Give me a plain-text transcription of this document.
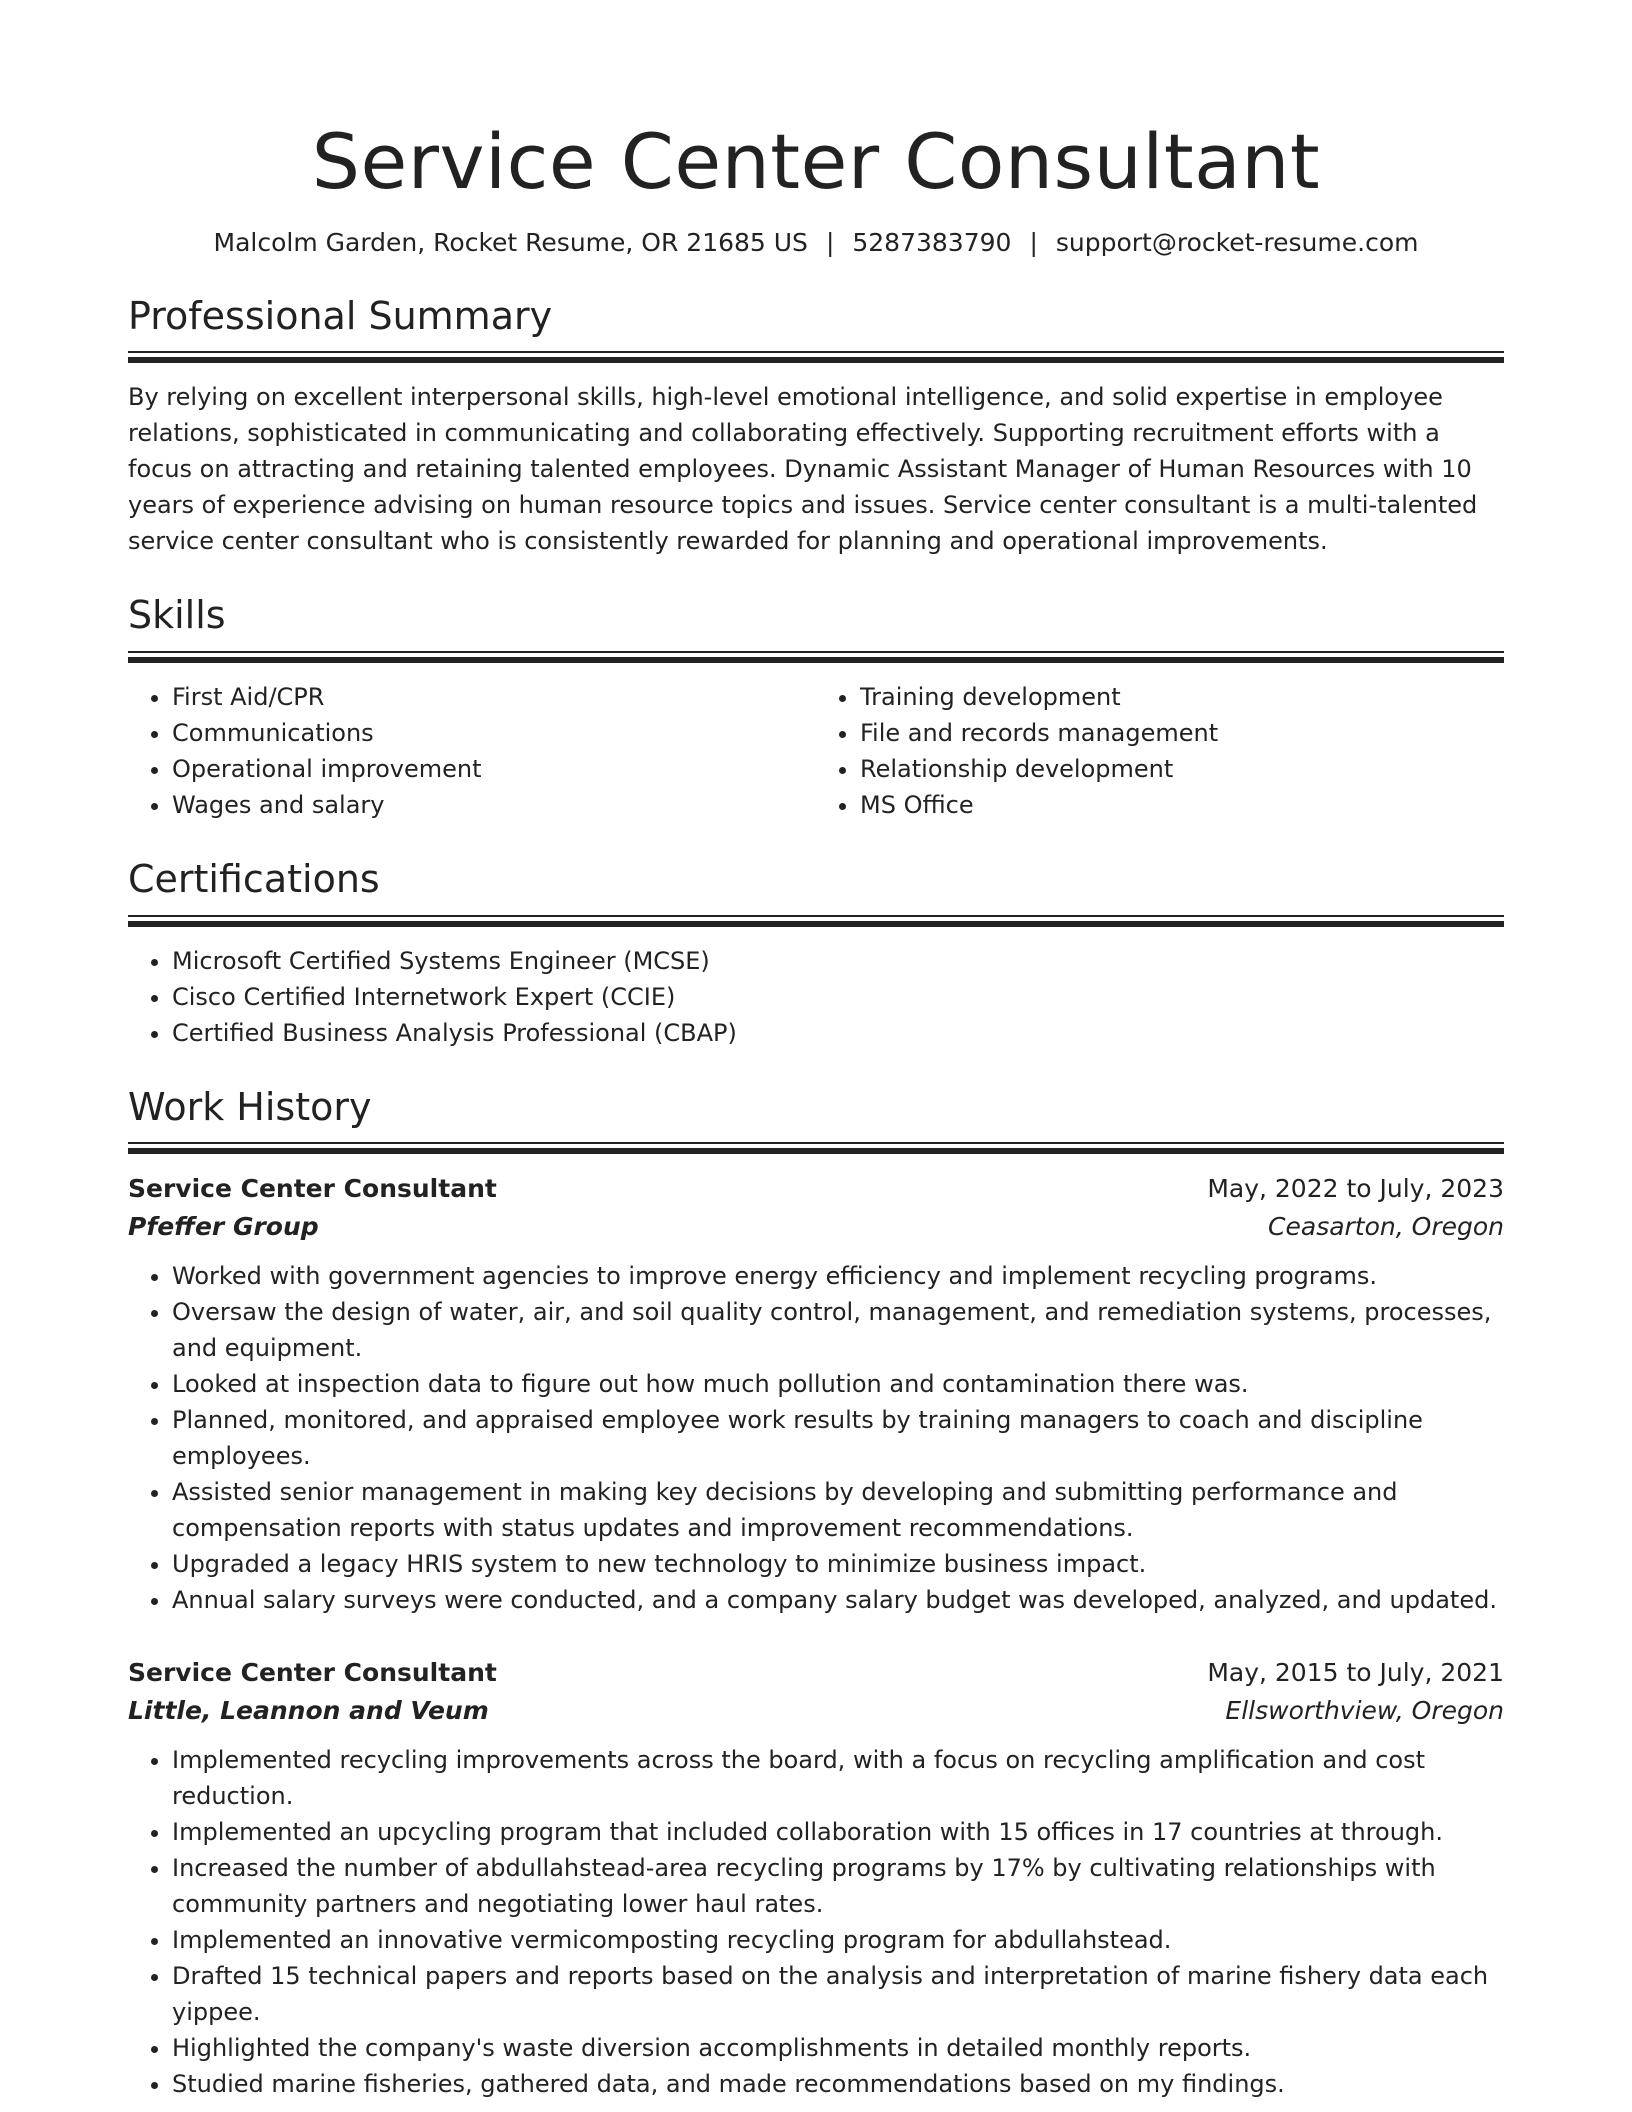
Service Center Consultant
Malcolm Garden, Rocket Resume, OR 21685 US | 5287383790 | support@rocket-resume.com
Professional Summary

By relying on excellent interpersonal skills, high-level emotional intelligence, and solid expertise in employee relations, sophisticated in communicating and collaborating effectively. Supporting recruitment efforts with a focus on attracting and retaining talented employees. Dynamic Assistant Manager of Human Resources with 10 years of experience advising on human resource topics and issues. Service center consultant is a multi-talented service center consultant who is consistently rewarded for planning and operational improvements.

Skills
• First Aid/CPR
• Communications
• Operational improvement
• Wages and salary
• Training development
• File and records management
• Relationship development
• MS Office
Certifications
• Microsoft Certified Systems Engineer (MCSE)
• Cisco Certified Internetwork Expert (CCIE)
• Certified Business Analysis Professional (CBAP)
Work History
Service Center Consultant	May, 2022 to July, 2023
Pfeffer Group	Ceasarton, Oregon
• Worked with government agencies to improve energy efficiency and implement recycling programs.
• Oversaw the design of water, air, and soil quality control, management, and remediation systems, processes, and equipment.
• Looked at inspection data to figure out how much pollution and contamination there was.
• Planned, monitored, and appraised employee work results by training managers to coach and discipline employees.
• Assisted senior management in making key decisions by developing and submitting performance and compensation reports with status updates and improvement recommendations.
• Upgraded a legacy HRIS system to new technology to minimize business impact.
• Annual salary surveys were conducted, and a company salary budget was developed, analyzed, and updated.
Service Center Consultant	May, 2015 to July, 2021
Little, Leannon and Veum	Ellsworthview, Oregon
• Implemented recycling improvements across the board, with a focus on recycling amplification and cost reduction.
• Implemented an upcycling program that included collaboration with 15 offices in 17 countries at through.
• Increased the number of abdullahstead-area recycling programs by 17% by cultivating relationships with community partners and negotiating lower haul rates.
• Implemented an innovative vermicomposting recycling program for abdullahstead.
• Drafted 15 technical papers and reports based on the analysis and interpretation of marine fishery data each yippee.
• Highlighted the company's waste diversion accomplishments in detailed monthly reports.
• Studied marine fisheries, gathered data, and made recommendations based on my findings.
